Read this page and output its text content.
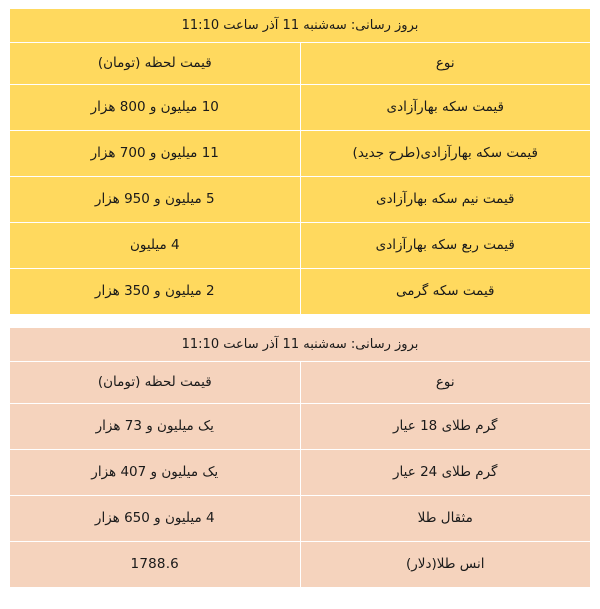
بروز رسانی: سه‌شنبه 11 آذر ساعت 11:10	
نوع	قیمت لحظه (تومان)
قیمت سکه بهارآزادی	10 میلیون و 800 هزار
قیمت سکه بهارآزادی(طرح جدید)	11 میلیون و 700 هزار
قیمت نیم سکه بهارآزادی	5 میلیون و 950 هزار
قیمت ربع سکه بهارآزادی	4 میلیون
قیمت سکه گرمی	2 میلیون و 350 هزار
بروز رسانی: سه‌شنبه 11 آذر ساعت 11:10	
نوع	قیمت لحظه (تومان)
گرم طلای 18 عیار	یک میلیون و 73 هزار
گرم طلای 24 عیار	یک میلیون و 407 هزار
مثقال طلا	4 میلیون و 650 هزار
انس طلا(دلار)	1788.6
